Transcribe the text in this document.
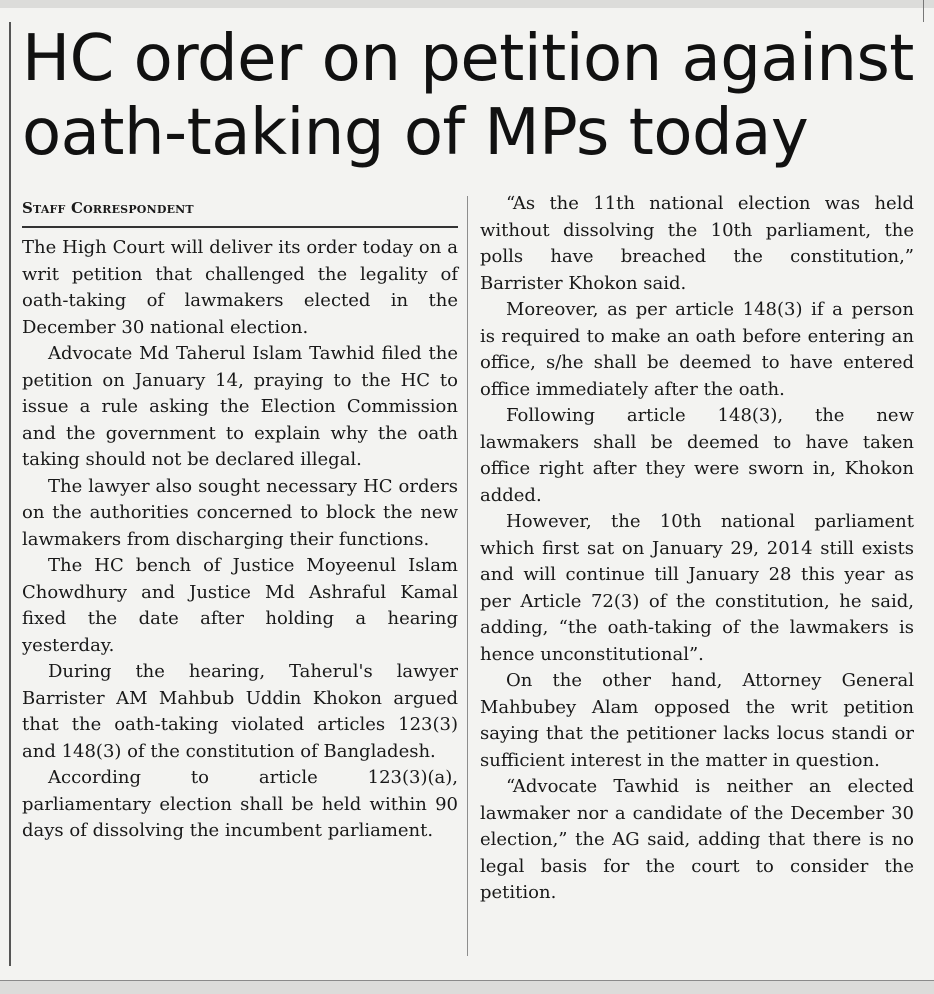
HC order on petition against oath-taking of MPs today
Staff Correspondent

The High Court will deliver its order today on a writ petition that challenged the legality of oath-taking of lawmakers elected in the December 30 national election.

Advocate Md Taherul Islam Tawhid filed the petition on January 14, praying to the HC to issue a rule asking the Election Commission and the government to explain why the oath taking should not be declared illegal.

The lawyer also sought necessary HC orders on the authorities concerned to block the new lawmakers from discharging their functions.

The HC bench of Justice Moyeenul Islam Chowdhury and Justice Md Ashraful Kamal fixed the date after holding a hearing yesterday.

During the hearing, Taherul's lawyer Barrister AM Mahbub Uddin Khokon argued that the oath-taking violated articles 123(3) and 148(3) of the constitution of Bangladesh.

According to article 123(3)(a), parliamentary election shall be held within 90 days of dissolving the incumbent parliament.

“As the 11th national election was held without dissolving the 10th parliament, the polls have breached the constitution,” Barrister Khokon said.

Moreover, as per article 148(3) if a person is required to make an oath before entering an office, s/he shall be deemed to have entered office immediately after the oath.

Following article 148(3), the new lawmakers shall be deemed to have taken office right after they were sworn in, Khokon added.

However, the 10th national parliament which first sat on January 29, 2014 still exists and will continue till January 28 this year as per Article 72(3) of the constitution, he said, adding, “the oath-taking of the lawmakers is hence unconstitutional”.

On the other hand, Attorney General Mahbubey Alam opposed the writ petition saying that the petitioner lacks locus standi or sufficient interest in the matter in question.

“Advocate Tawhid is neither an elected lawmaker nor a candidate of the December 30 election,” the AG said, adding that there is no legal basis for the court to consider the petition.
